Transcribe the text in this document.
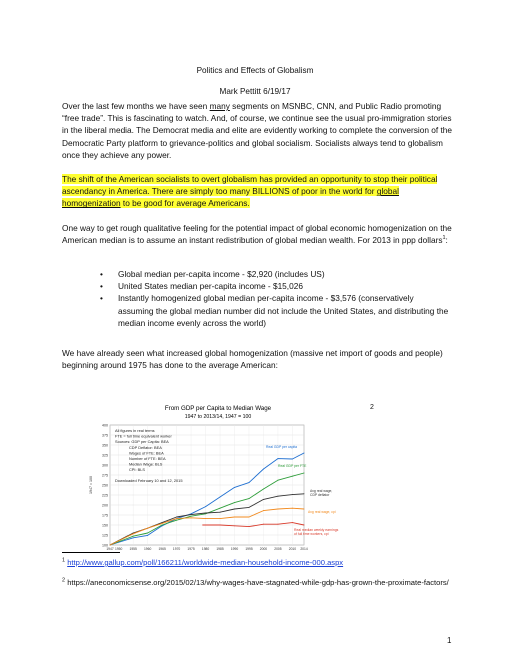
Politics and Effects of Globalism
Mark Pettitt 6/19/17
Over the last few months we have seen many segments on MSNBC, CNN, and Public Radio promoting “free trade”. This is fascinating to watch. And, of course, we continue see the usual pro-immigration stories in the liberal media. The Democrat media and elite are evidently working to complete the conversion of the Democratic Party platform to grievance-politics and global socialism. Socialists always tend to globalism once they achieve any power.
The shift of the American socialists to overt globalism has provided an opportunity to stop their political ascendancy in America. There are simply too many BILLIONS of poor in the world for global homogenization to be good for average Americans.
One way to get rough qualitative feeling for the potential impact of global economic homogenization on the American median is to assume an instant redistribution of global median wealth. For 2013 in ppp dollars$^1$:
• Global median per-capita income - $2,920 (includes US)
• United States median per-capita income - $15,026
• Instantly homogenized global median per-capita income - $3,576 (conservatively assuming the global median number did not include the United States, and distributing the median income evenly across the world)
We have already seen what increased global homogenization (massive net import of goods and people) beginning around 1975 has done to the average American:
2
From GDP per Capita to Median Wage
1947 to 2013/14, 1947 = 100
100
125
150
175
200
225
250
275
300
325
350
375
400
1947 1950 1955 1960 1965 1970 1975 1980 1985 1990 1995 2000 2005 2010 2014
1947 = 100
All figures in real terms
FTE = full time equivalent worker
Sources: GDP per Capita: BEA
CDP Deflator: BEA
Wages of FTE: BEA
Number of FTE: BEA
Median Wage: BLS
CPI: BLS
Downloaded February 10 and 12, 2015
Real GDP per capita
Real GDP per FTE
Avg real wage,
CDP deflator
Avg real wage, cpi
Real median weekly earnings
of full time workers, cpi
$^1$ http://www.gallup.com/poll/166211/worldwide-median-household-income-000.aspx
$^2$ https://aneconomicsense.org/2015/02/13/why-wages-have-stagnated-while-gdp-has-grown-the-proximate-factors/
1
